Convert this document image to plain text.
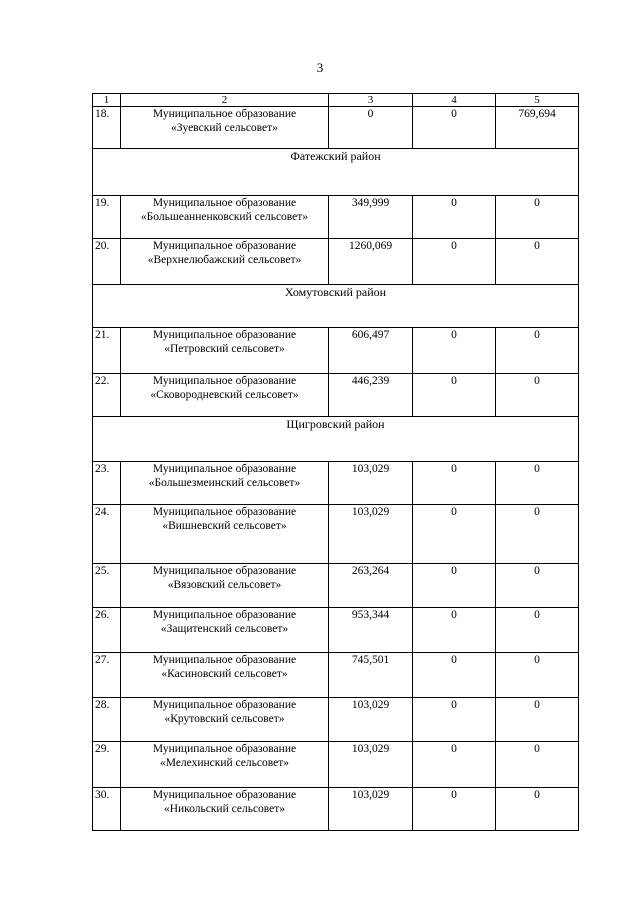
3
1	2	3	4	5
18.	Муниципальное образование
«Зуевский сельсовет»	0	0	769,694
Фатежский район				
19.	Муниципальное образование
«Большеанненковский сельсовет»	349,999	0	0
20.	Муниципальное образование
«Верхнелюбажский сельсовет»	1260,069	0	0
Хомутовский район				
21.	Муниципальное образование
«Петровский сельсовет»	606,497	0	0
22.	Муниципальное образование
«Сковородневский сельсовет»	446,239	0	0
Щигровский район				
23.	Муниципальное образование
«Большезмеинский сельсовет»	103,029	0	0
24.	Муниципальное образование
«Вишневский сельсовет»	103,029	0	0
25.	Муниципальное образование
«Вязовский сельсовет»	263,264	0	0
26.	Муниципальное образование
«Защитенский сельсовет»	953,344	0	0
27.	Муниципальное образование
«Касиновский сельсовет»	745,501	0	0
28.	Муниципальное образование
«Крутовский сельсовет»	103,029	0	0
29.	Муниципальное образование
«Мелехинский сельсовет»	103,029	0	0
30.	Муниципальное образование
«Никольский сельсовет»	103,029	0	0
